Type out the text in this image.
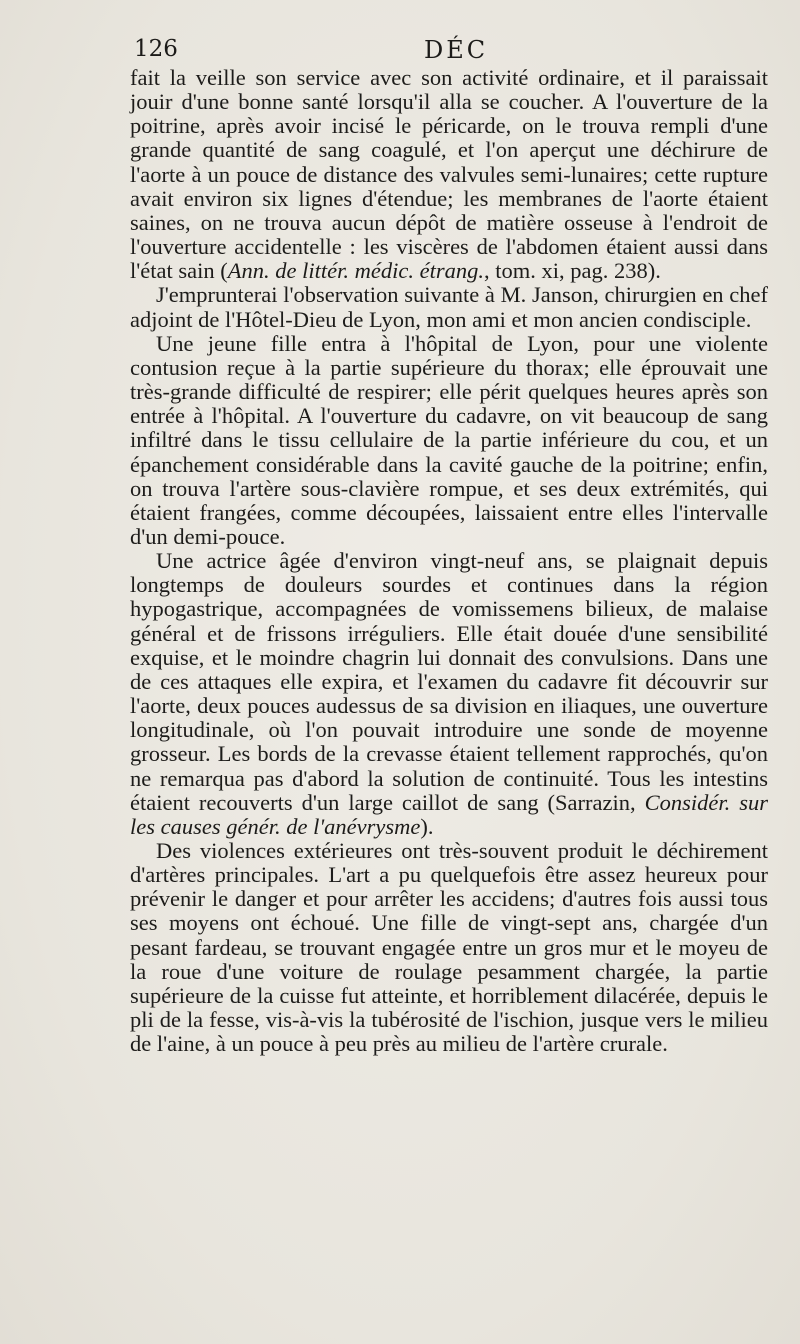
126	DÉC

fait la veille son service avec son activité ordinaire, et il paraissait jouir d'une bonne santé lorsqu'il alla se coucher. A l'ouverture de la poitrine, après avoir incisé le péricarde, on le trouva rempli d'une grande quantité de sang coagulé, et l'on aperçut une déchirure de l'aorte à un pouce de distance des valvules semi-lunaires; cette rupture avait environ six lignes d'étendue; les membranes de l'aorte étaient saines, on ne trouva aucun dépôt de matière osseuse à l'endroit de l'ouverture accidentelle : les viscères de l'abdomen étaient aussi dans l'état sain (Ann. de littér. médic. étrang., tom. xi, pag. 238).

J'emprunterai l'observation suivante à M. Janson, chirurgien en chef adjoint de l'Hôtel-Dieu de Lyon, mon ami et mon ancien condisciple.

Une jeune fille entra à l'hôpital de Lyon, pour une violente contusion reçue à la partie supérieure du thorax; elle éprouvait une très-grande difficulté de respirer; elle périt quelques heures après son entrée à l'hôpital. A l'ouverture du cadavre, on vit beaucoup de sang infiltré dans le tissu cellulaire de la partie inférieure du cou, et un épanchement considérable dans la cavité gauche de la poitrine; enfin, on trouva l'artère sous-clavière rompue, et ses deux extrémités, qui étaient frangées, comme découpées, laissaient entre elles l'intervalle d'un demi-pouce.

Une actrice âgée d'environ vingt-neuf ans, se plaignait depuis longtemps de douleurs sourdes et continues dans la région hypogastrique, accompagnées de vomissemens bilieux, de malaise général et de frissons irréguliers. Elle était douée d'une sensibilité exquise, et le moindre chagrin lui donnait des convulsions. Dans une de ces attaques elle expira, et l'examen du cadavre fit découvrir sur l'aorte, deux pouces audessus de sa division en iliaques, une ouverture longitudinale, où l'on pouvait introduire une sonde de moyenne grosseur. Les bords de la crevasse étaient tellement rapprochés, qu'on ne remarqua pas d'abord la solution de continuité. Tous les intestins étaient recouverts d'un large caillot de sang (Sarrazin, Considér. sur les causes génér. de l'anévrysme).

Des violences extérieures ont très-souvent produit le déchirement d'artères principales. L'art a pu quelquefois être assez heureux pour prévenir le danger et pour arrêter les accidens; d'autres fois aussi tous ses moyens ont échoué. Une fille de vingt-sept ans, chargée d'un pesant fardeau, se trouvant engagée entre un gros mur et le moyeu de la roue d'une voiture de roulage pesamment chargée, la partie supérieure de la cuisse fut atteinte, et horriblement dilacérée, depuis le pli de la fesse, vis-à-vis la tubérosité de l'ischion, jusque vers le milieu de l'aine, à un pouce à peu près au milieu de l'artère crurale.
